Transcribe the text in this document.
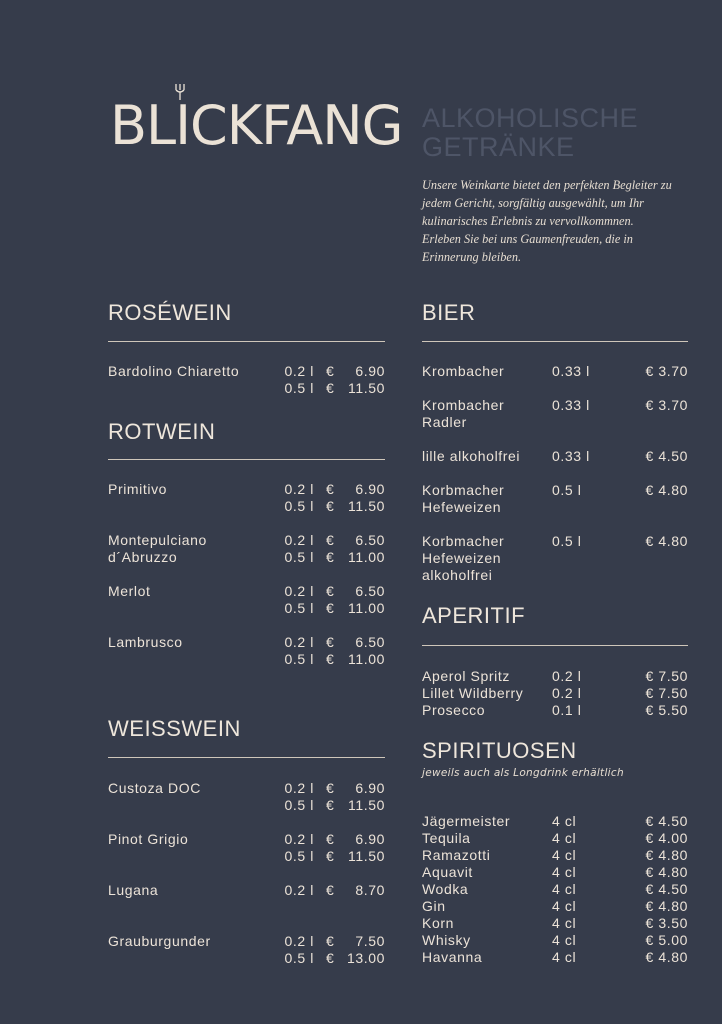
BLICKFANG ALKOHOLISCHE
GETRÄNKE
Unsere Weinkarte bietet den perfekten Begleiter zu jedem Gericht, sorgfältig ausgewählt, um Ihr kulinarisches Erlebnis zu vervollkommnen. Erleben Sie bei uns Gaumenfreuden, die in Erinnerung bleiben.
ROSÉWEIN
Bardolino Chiaretto	0.2 l € 6.90
0.5 l € 11.50
ROTWEIN
Primitivo	0.2 l € 6.90
0.5 l € 11.50
Montepulciano
d´Abruzzo
0.2 l € 6.50
0.5 l € 11.00
Merlot	0.2 l € 6.50
0.5 l € 11.00
Lambrusco	0.2 l € 6.50
0.5 l € 11.00
WEISSWEIN
Custoza DOC	0.2 l € 6.90
0.5 l € 11.50
Pinot Grigio	0.2 l € 6.90
0.5 l € 11.50
Lugana	0.2 l € 8.70
Grauburgunder	0.2 l € 7.50
0.5 l € 13.00
BIER
Krombacher	0.33 l	€ 3.70
Krombacher
Radler
0.33 l	€ 3.70
lille alkoholfrei 0.33 l	€ 4.50
Korbmacher
Hefeweizen
0.5 l	€ 4.80
Korbmacher
Hefeweizen
alkoholfrei
0.5 l	€ 4.80
APERITIF
Aperol Spritz	0.2 l	€ 7.50
Lillet Wildberry 0.2 l	€ 7.50
Prosecco	0.1 l	€ 5.50
SPIRITUOSEN
jeweils auch als Longdrink erhältlich
Jägermeister	4 cl	€ 4.50
Tequila	4 cl	€ 4.00
Ramazotti	4 cl	€ 4.80
Aquavit	4 cl	€ 4.80
Wodka	4 cl	€ 4.50
Gin	4 cl	€ 4.80
Korn	4 cl	€ 3.50
Whisky	4 cl	€ 5.00
Havanna	4 cl	€ 4.80
